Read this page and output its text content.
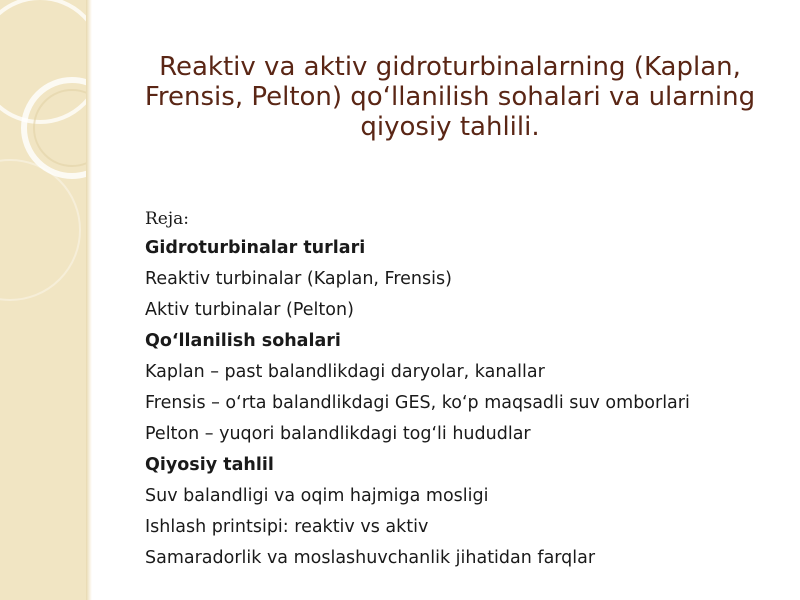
Reaktiv va aktiv gidroturbinalarning (Kaplan, Frensis, Pelton) qo‘llanilish sohalari va ularning qiyosiy tahlili.
Reja:
Gidroturbinalar turlari
Reaktiv turbinalar (Kaplan, Frensis)
Aktiv turbinalar (Pelton)
Qo‘llanilish sohalari
Kaplan – past balandlikdagi daryolar, kanallar
Frensis – o‘rta balandlikdagi GES, ko‘p maqsadli suv omborlari
Pelton – yuqori balandlikdagi tog‘li hududlar
Qiyosiy tahlil
Suv balandligi va oqim hajmiga mosligi
Ishlash printsipi: reaktiv vs aktiv
Samaradorlik va moslashuvchanlik jihatidan farqlar
